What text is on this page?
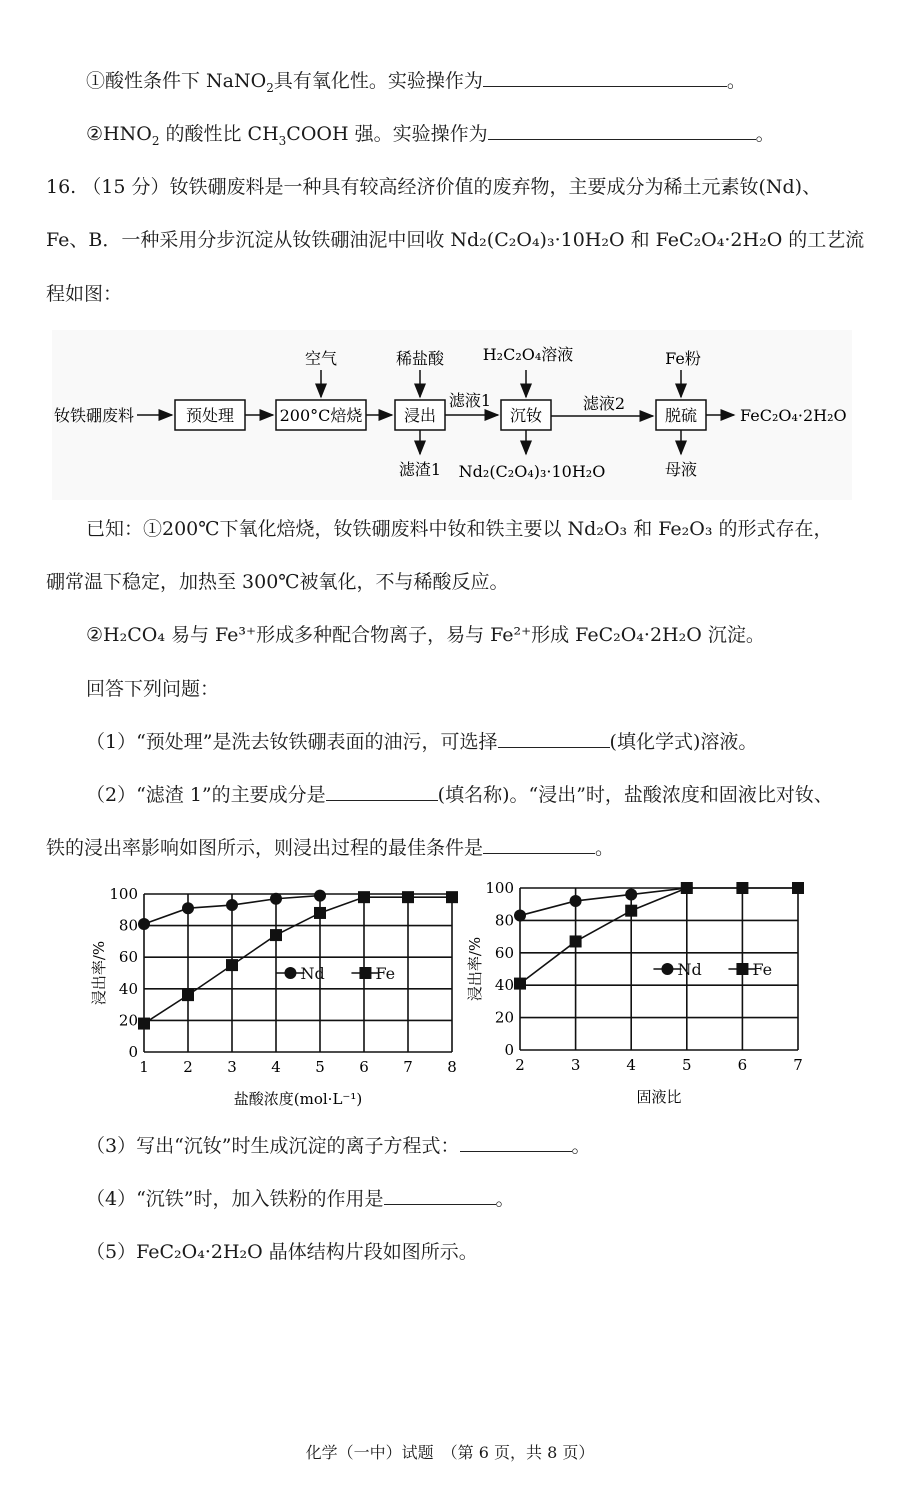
①酸性条件下 NaNO$_2$具有氧化性。实验操作为	。
$②HNO_2$ 的酸性比 $CH_3COOH$ 强。实验操作为	。
16. （15 分）钕铁硼废料是一种具有较高经济价值的废弃物，主要成分为稀土元素钕(Nd)、
Fe、B．一种采用分步沉淀从钕铁硼油泥中回收 Nd₂(C₂O₄)₃·10H₂O 和 FeC₂O₄·2H₂O 的工艺流
程如图：
钕铁硼废料	预处理	200°C焙烧
空气
浸出
稀盐酸
滤渣1
滤液1
沉钕
H₂C₂O₄溶液
Nd₂(C₂O₄)₃·10H₂O
滤液2
脱硫
Fe粉
母液
FeC₂O₄·2H₂O
已知：①200℃下氧化焙烧，钕铁硼废料中钕和铁主要以 Nd₂O₃ 和 Fe₂O₃ 的形式存在，
硼常温下稳定，加热至 300℃被氧化，不与稀酸反应。
②H₂CO₄ 易与 Fe³⁺形成多种配合物离子，易与 Fe²⁺形成 FeC₂O₄·2H₂O 沉淀。
回答下列问题：
（1）“预处理”是洗去钕铁硼表面的油污，可选择	(填化学式)溶液。
（2）“滤渣 1”的主要成分是	(填名称)。“浸出”时，盐酸浓度和固液比对钕、
铁的浸出率影响如图所示，则浸出过程的最佳条件是	。
0
20
40
60
80
100
1 2 3 4 5 6 7 8
盐酸浓度(mol·L⁻¹)
浸出率/%	Nd	Fe
0
20
40
60
80
100
2	3	4	5	6	7
固液比
浸出率/%	Nd	Fe
（3）写出“沉钕”时生成沉淀的离子方程式：	。
（4）“沉铁”时，加入铁粉的作用是	。
（5）FeC₂O₄·2H₂O 晶体结构片段如图所示。
化学（一中）试题　（第 6 页，共 8 页）
